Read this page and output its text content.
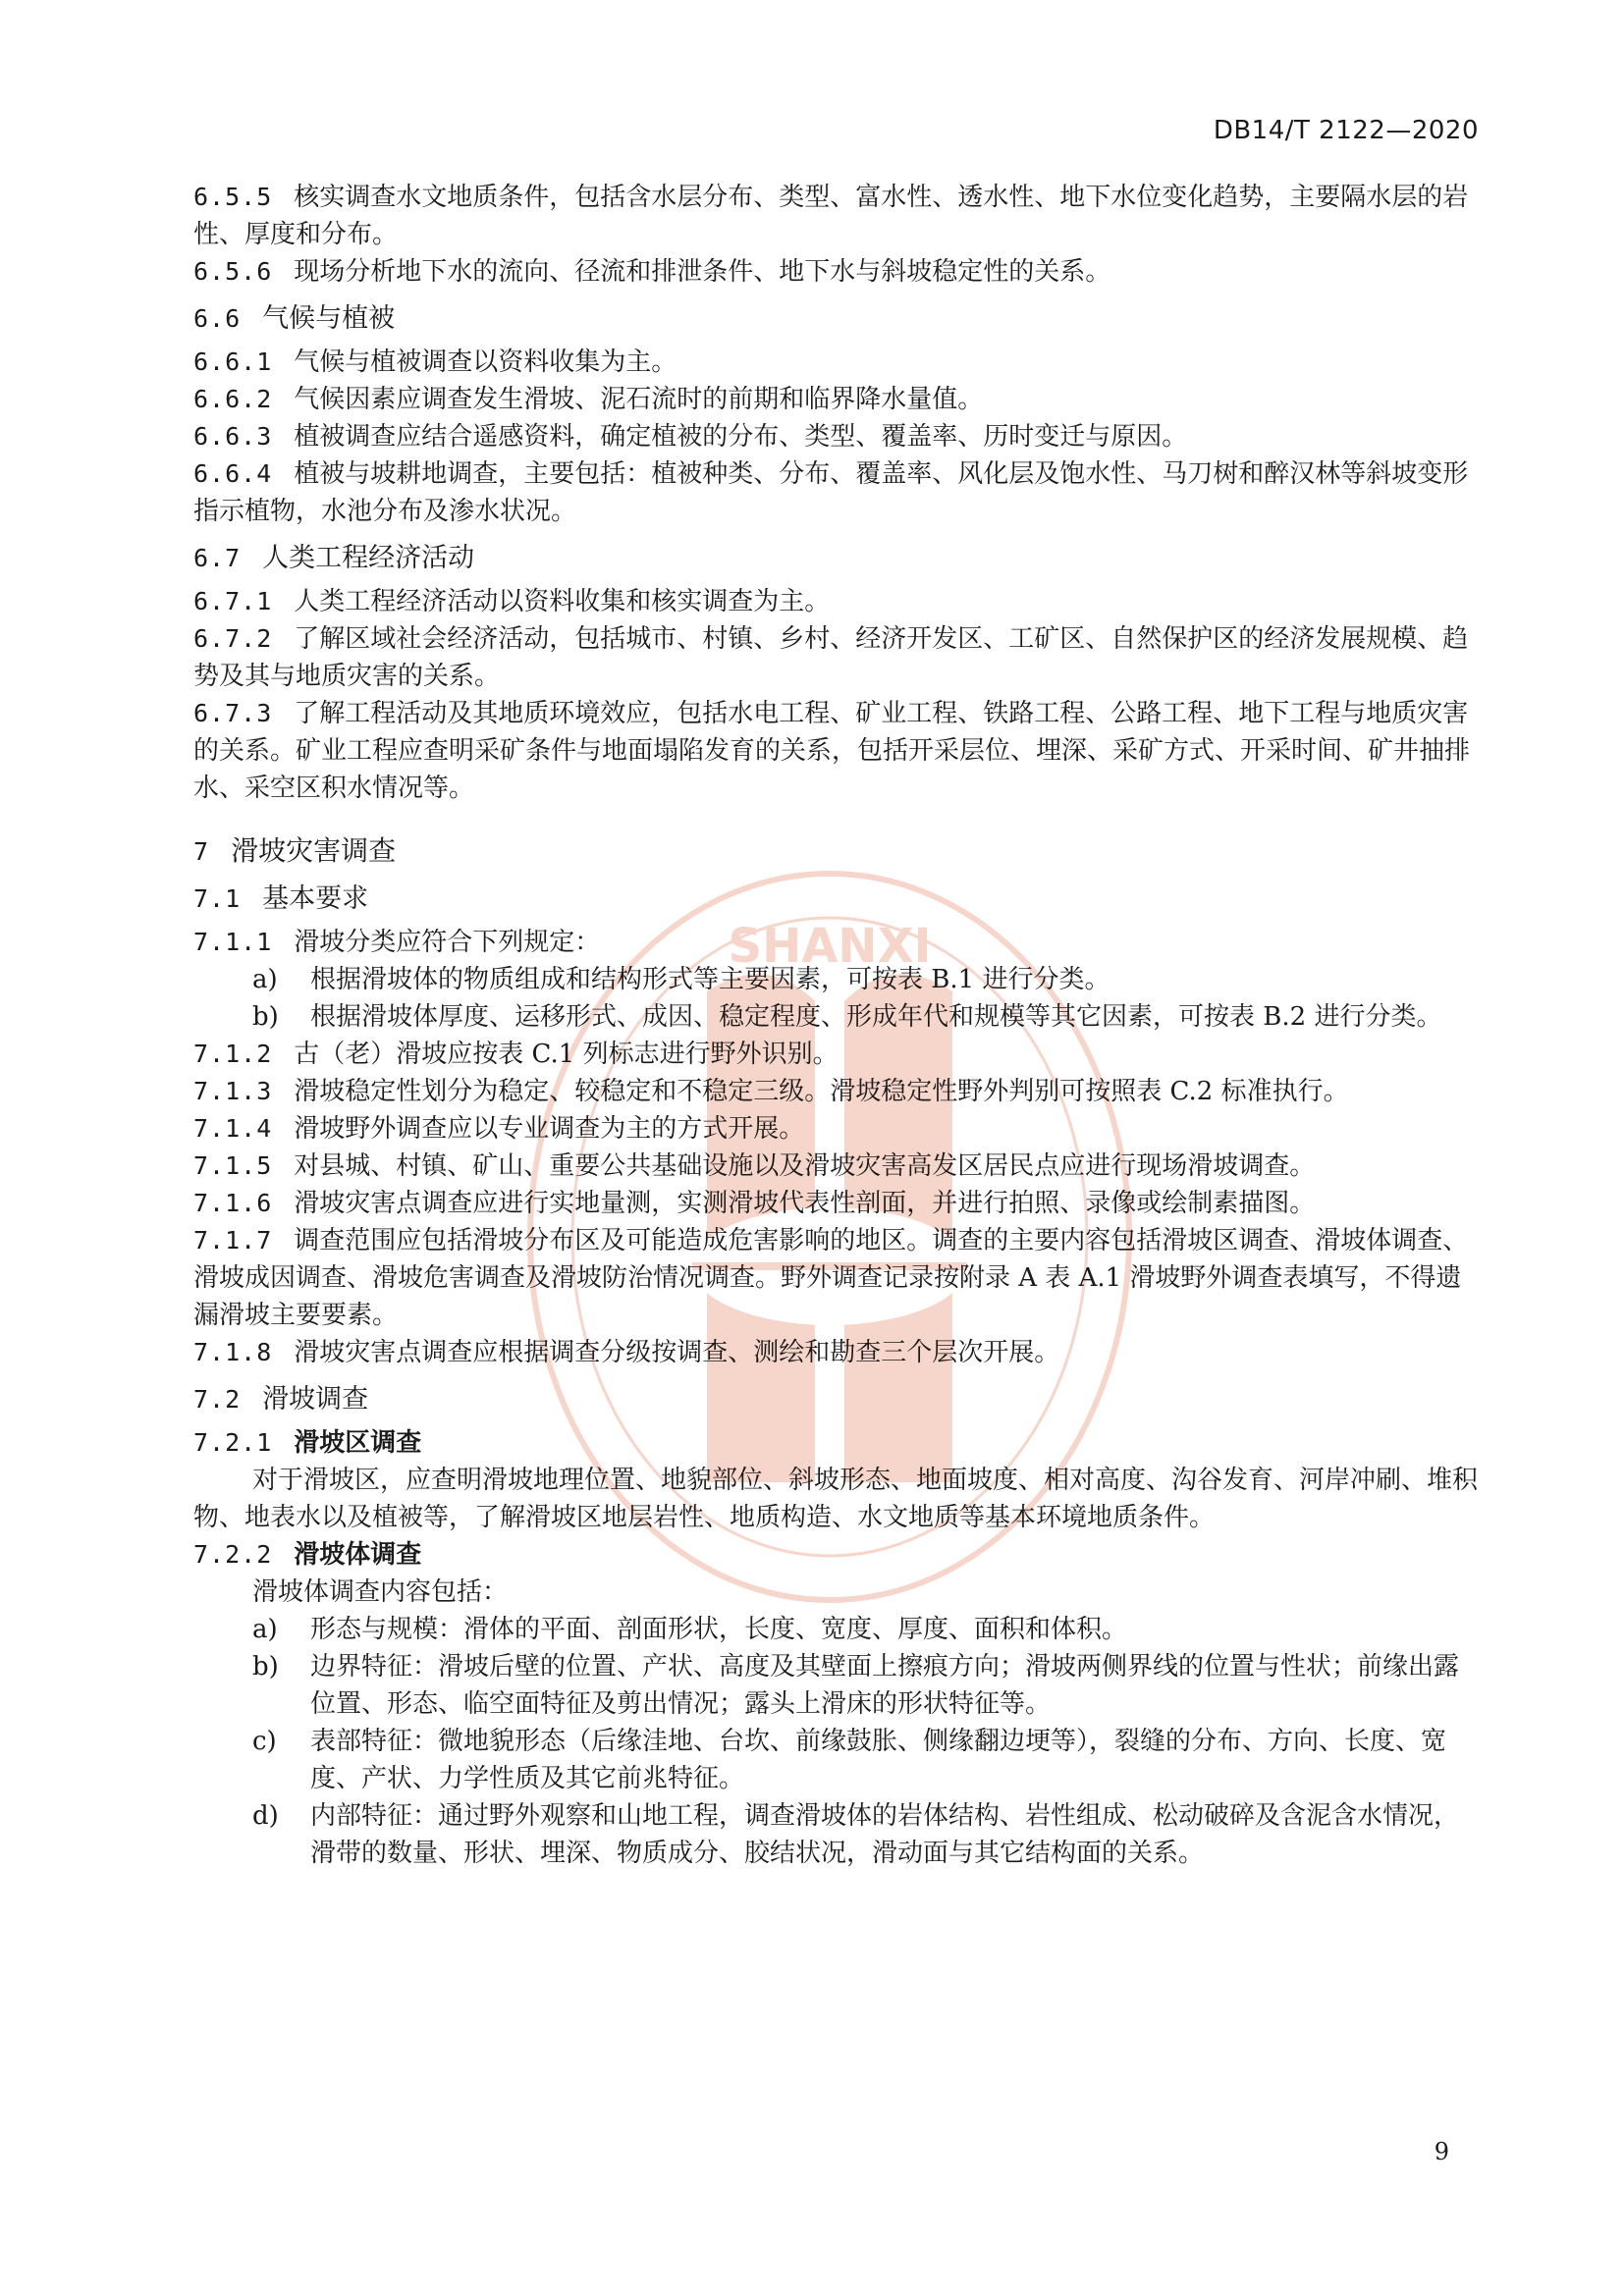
DB14/T 2122—2020
SHANXI

6.5.5 核实调查水文地质条件，包括含水层分布、类型、富水性、透水性、地下水位变化趋势，主要隔水层的岩性、厚度和分布。

6.5.6 现场分析地下水的流向、径流和排泄条件、地下水与斜坡稳定性的关系。

6.6 气候与植被

6.6.1 气候与植被调查以资料收集为主。

6.6.2 气候因素应调查发生滑坡、泥石流时的前期和临界降水量值。

6.6.3 植被调查应结合遥感资料，确定植被的分布、类型、覆盖率、历时变迁与原因。

6.6.4 植被与坡耕地调查，主要包括：植被种类、分布、覆盖率、风化层及饱水性、马刀树和醉汉林等斜坡变形指示植物，水池分布及渗水状况。

6.7 人类工程经济活动

6.7.1 人类工程经济活动以资料收集和核实调查为主。

6.7.2 了解区域社会经济活动，包括城市、村镇、乡村、经济开发区、工矿区、自然保护区的经济发展规模、趋势及其与地质灾害的关系。

6.7.3 了解工程活动及其地质环境效应，包括水电工程、矿业工程、铁路工程、公路工程、地下工程与地质灾害的关系。矿业工程应查明采矿条件与地面塌陷发育的关系，包括开采层位、埋深、采矿方式、开采时间、矿井抽排水、采空区积水情况等。

7 滑坡灾害调查

7.1 基本要求

7.1.1 滑坡分类应符合下列规定：

a) 根据滑坡体的物质组成和结构形式等主要因素，可按表 B.1 进行分类。

b) 根据滑坡体厚度、运移形式、成因、稳定程度、形成年代和规模等其它因素，可按表 B.2 进行分类。

7.1.2 古（老）滑坡应按表 C.1 列标志进行野外识别。

7.1.3 滑坡稳定性划分为稳定、较稳定和不稳定三级。滑坡稳定性野外判别可按照表 C.2 标准执行。

7.1.4 滑坡野外调查应以专业调查为主的方式开展。

7.1.5 对县城、村镇、矿山、重要公共基础设施以及滑坡灾害高发区居民点应进行现场滑坡调查。

7.1.6 滑坡灾害点调查应进行实地量测，实测滑坡代表性剖面，并进行拍照、录像或绘制素描图。

7.1.7 调查范围应包括滑坡分布区及可能造成危害影响的地区。调查的主要内容包括滑坡区调查、滑坡体调查、滑坡成因调查、滑坡危害调查及滑坡防治情况调查。野外调查记录按附录 A 表 A.1 滑坡野外调查表填写，不得遗漏滑坡主要要素。

7.1.8 滑坡灾害点调查应根据调查分级按调查、测绘和勘查三个层次开展。

7.2 滑坡调查

7.2.1 滑坡区调查

对于滑坡区，应查明滑坡地理位置、地貌部位、斜坡形态、地面坡度、相对高度、沟谷发育、河岸冲刷、堆积物、地表水以及植被等，了解滑坡区地层岩性、地质构造、水文地质等基本环境地质条件。

7.2.2 滑坡体调查

滑坡体调查内容包括：

a) 形态与规模：滑体的平面、剖面形状，长度、宽度、厚度、面积和体积。

b) 边界特征：滑坡后壁的位置、产状、高度及其壁面上擦痕方向；滑坡两侧界线的位置与性状；前缘出露位置、形态、临空面特征及剪出情况；露头上滑床的形状特征等。

c) 表部特征：微地貌形态（后缘洼地、台坎、前缘鼓胀、侧缘翻边埂等），裂缝的分布、方向、长度、宽度、产状、力学性质及其它前兆特征。

d) 内部特征：通过野外观察和山地工程，调查滑坡体的岩体结构、岩性组成、松动破碎及含泥含水情况，滑带的数量、形状、埋深、物质成分、胶结状况，滑动面与其它结构面的关系。

9
